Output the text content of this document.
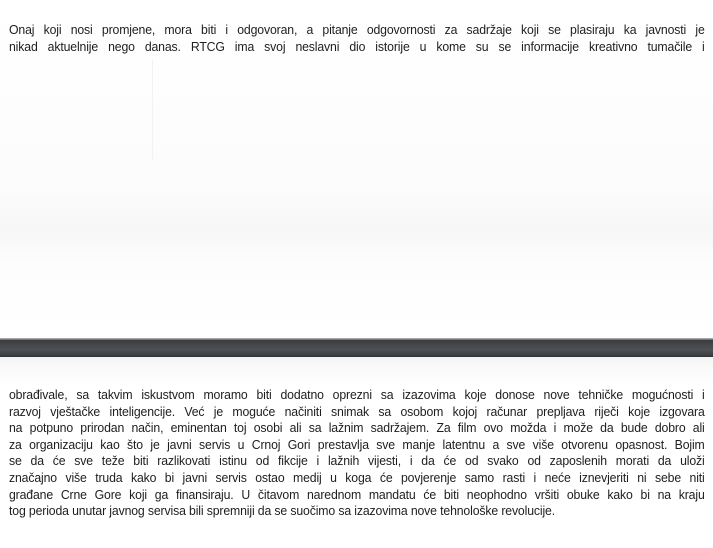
Onaj koji nosi promjene, mora biti i odgovoran, a pitanje odgovornosti za sadržaje koji se plasiraju ka javnosti je
nikad aktuelnije nego danas. RTCG ima svoj neslavni dio istorije u kome su se informacije kreativno tumačile i
obrađivale, sa takvim iskustvom moramo biti dodatno oprezni sa izazovima koje donose nove tehničke mogućnosti i
razvoj vještačke inteligencije. Već je moguće načiniti snimak sa osobom kojoj računar prepljava riječi koje izgovara
na potpuno prirodan način, eminentan toj osobi ali sa lažnim sadržajem. Za film ovo možda i može da bude dobro ali
za organizaciju kao što je javni servis u Crnoj Gori prestavlja sve manje latentnu a sve više otvorenu opasnost. Bojim
se da će sve teže biti razlikovati istinu od fikcije i lažnih vijesti, i da će od svako od zaposlenih morati da uloži
značajno više truda kako bi javni servis ostao medij u koga će povjerenje samo rasti i neće iznevjeriti ni sebe niti
građane Crne Gore koji ga finansiraju. U čitavom narednom mandatu će biti neophodno vršiti obuke kako bi na kraju
tog perioda unutar javnog servisa bili spremniji da se suočimo sa izazovima nove tehnološke revolucije.
